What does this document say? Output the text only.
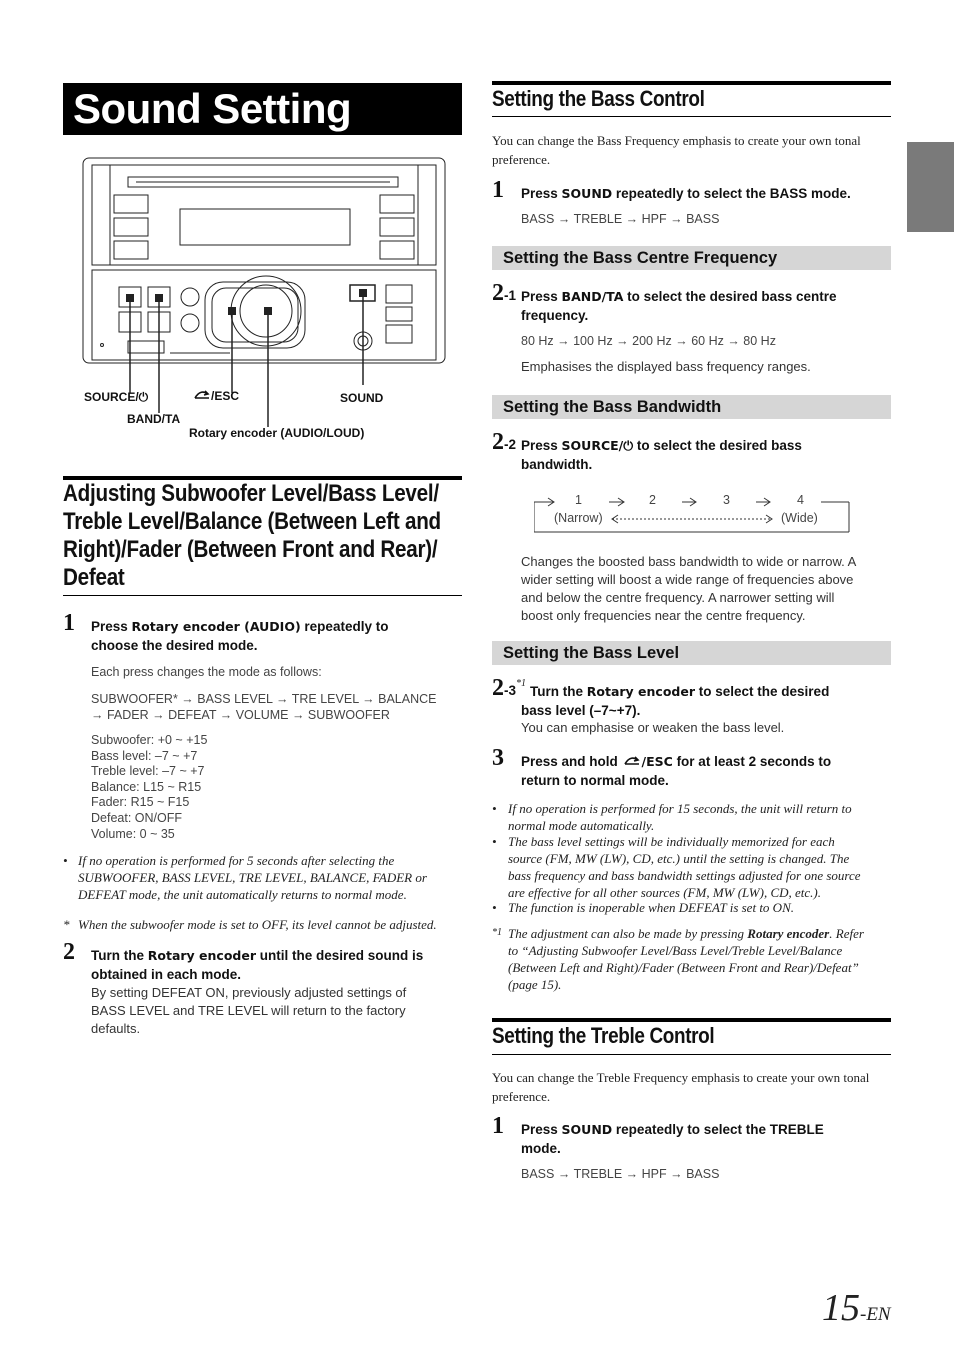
Sound Setting
SOURCE/⏻
BAND/TA
/ESC	SOUND
Rotary encoder (AUDIO/LOUD)
Adjusting Subwoofer Level/Bass Level/
Treble Level/Balance (Between Left and
Right)/Fader (Between Front and Rear)/
Defeat
1 Press Rotary encoder (AUDIO) repeatedly to
choose the desired mode.
Each press changes the mode as follows:
SUBWOOFER* → BASS LEVEL → TRE LEVEL → BALANCE
→ FADER → DEFEAT → VOLUME → SUBWOOFER
Subwoofer: +0 ~ +15
Bass level: –7 ~ +7
Treble level: –7 ~ +7
Balance: L15 ~ R15
Fader: R15 ~ F15
Defeat: ON/OFF
Volume: 0 ~ 35
• If no operation is performed for 5 seconds after selecting the
SUBWOOFER, BASS LEVEL, TRE LEVEL, BALANCE, FADER or
DEFEAT mode, the unit automatically returns to normal mode.
* When the subwoofer mode is set to OFF, its level cannot be adjusted.
2 Turn the Rotary encoder until the desired sound is
obtained in each mode.
By setting DEFEAT ON, previously adjusted settings of
BASS LEVEL and TRE LEVEL will return to the factory
defaults.
Setting the Bass Control
You can change the Bass Frequency emphasis to create your own tonal
preference.
1 Press SOUND repeatedly to select the BASS mode.
BASS → TREBLE → HPF → BASS
Setting the Bass Centre Frequency
2-1 Press BAND/TA to select the desired bass centre
frequency.
80 Hz → 100 Hz → 200 Hz → 60 Hz → 80 Hz
Emphasises the displayed bass frequency ranges.
Setting the Bass Bandwidth
2-2 Press SOURCE/⏻ to select the desired bass
bandwidth.
1	2	3	4
(Narrow)	(Wide)
Changes the boosted bass bandwidth to wide or narrow. A
wider setting will boost a wide range of frequencies above
and below the centre frequency. A narrower setting will
boost only frequencies near the centre frequency.
Setting the Bass Level
2-3$^{*1}$
Turn the Rotary encoder to select the desired
bass level (–7~+7).
You can emphasise or weaken the bass level.
3 Press and hold /ESC for at least 2 seconds to
return to normal mode.
• If no operation is performed for 15 seconds, the unit will return to
normal mode automatically.
• The bass level settings will be individually memorized for each
source (FM, MW (LW), CD, etc.) until the setting is changed. The
bass frequency and bass bandwidth settings adjusted for one source
are effective for all other sources (FM, MW (LW), CD, etc.).
• The function is inoperable when DEFEAT is set to ON.
*1 The adjustment can also be made by pressing Rotary encoder. Refer
to “Adjusting Subwoofer Level/Bass Level/Treble Level/Balance
(Between Left and Right)/Fader (Between Front and Rear)/Defeat”
(page 15).
Setting the Treble Control
You can change the Treble Frequency emphasis to create your own tonal
preference.
1 Press SOUND repeatedly to select the TREBLE
mode.
BASS → TREBLE → HPF → BASS
15-EN
